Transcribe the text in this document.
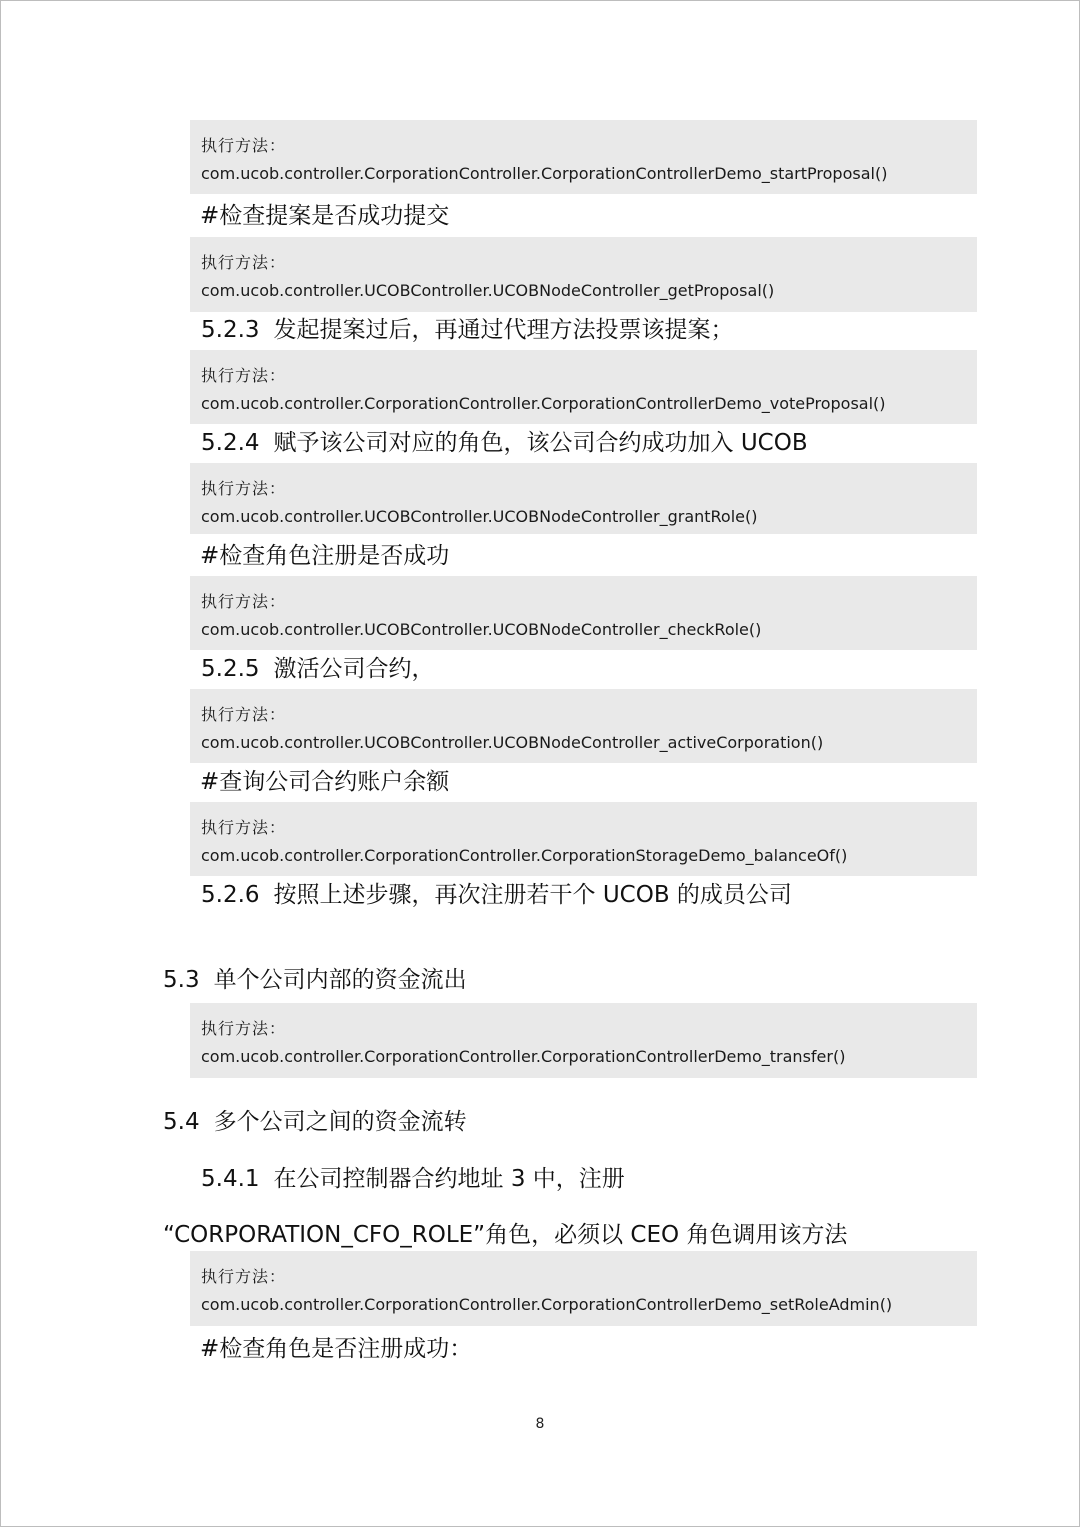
执行方法：
com.ucob.controller.CorporationController.CorporationControllerDemo_startProposal()
#检查提案是否成功提交
执行方法：
com.ucob.controller.UCOBController.UCOBNodeController_getProposal()
5.2.3 发起提案过后，再通过代理方法投票该提案；
执行方法：
com.ucob.controller.CorporationController.CorporationControllerDemo_voteProposal()
5.2.4 赋予该公司对应的角色，该公司合约成功加入 UCOB
执行方法：
com.ucob.controller.UCOBController.UCOBNodeController_grantRole()
#检查角色注册是否成功
执行方法：
com.ucob.controller.UCOBController.UCOBNodeController_checkRole()
5.2.5 激活公司合约，
执行方法：
com.ucob.controller.UCOBController.UCOBNodeController_activeCorporation()
#查询公司合约账户余额
执行方法：
com.ucob.controller.CorporationController.CorporationStorageDemo_balanceOf()
5.2.6 按照上述步骤，再次注册若干个 UCOB 的成员公司
5.3 单个公司内部的资金流出
执行方法：
com.ucob.controller.CorporationController.CorporationControllerDemo_transfer()
5.4 多个公司之间的资金流转
5.4.1 在公司控制器合约地址 3 中，注册
“CORPORATION_CFO_ROLE”角色，必须以 CEO 角色调用该方法
执行方法：
com.ucob.controller.CorporationController.CorporationControllerDemo_setRoleAdmin()
#检查角色是否注册成功：
8
